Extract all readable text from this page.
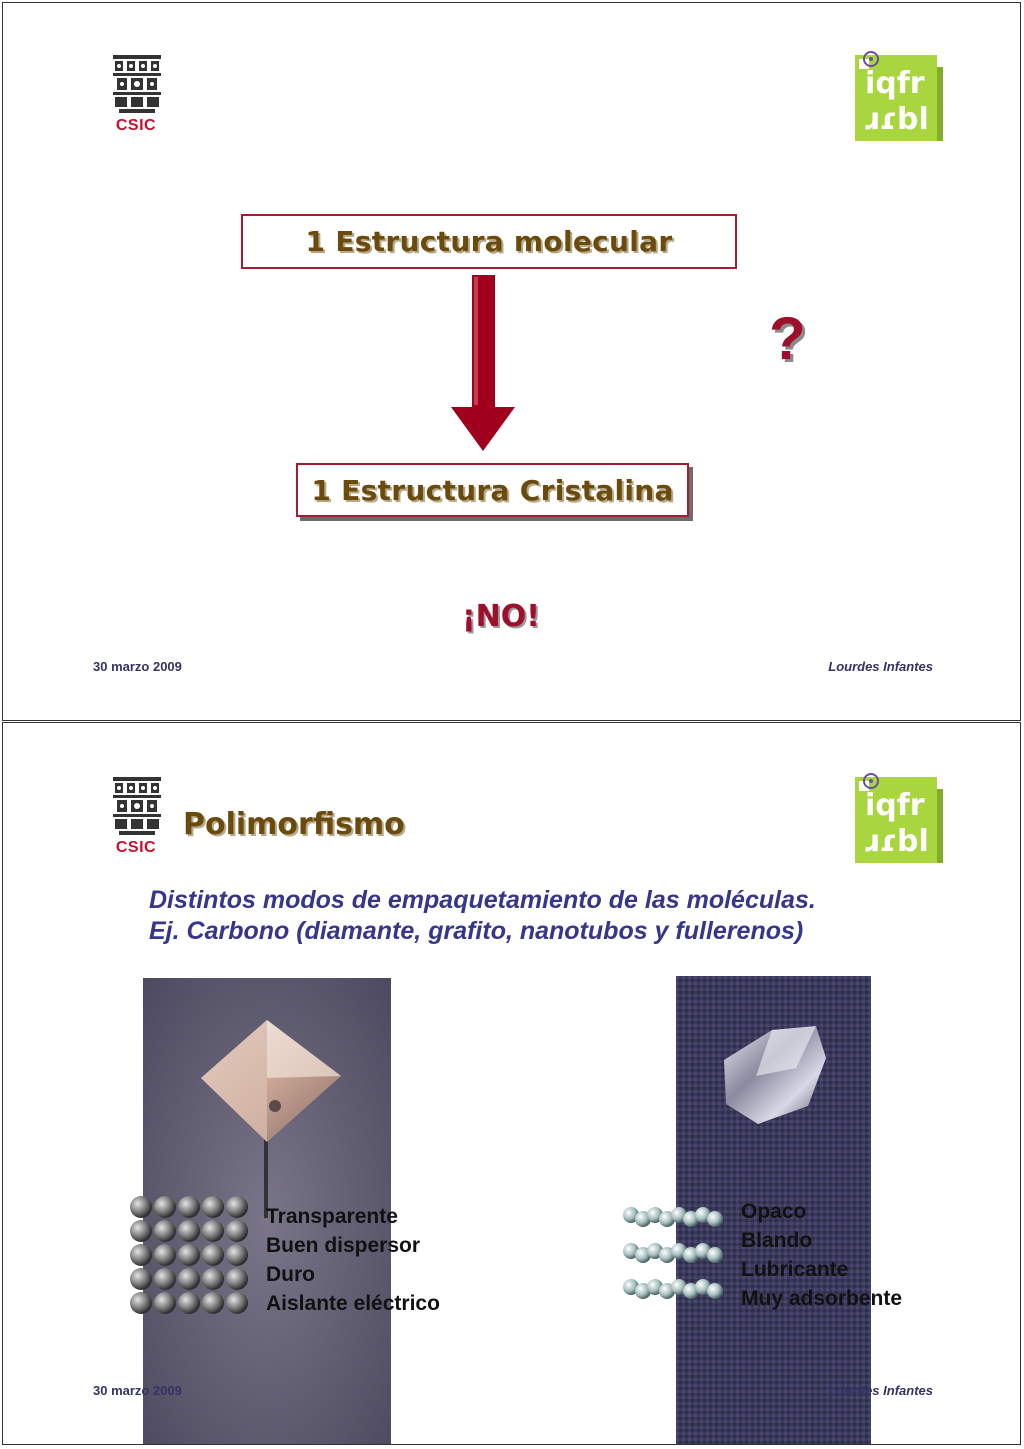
CSIC
iqfr
ɹɾbl
1 Estructura molecular
?
1 Estructura Cristalina
¡NO!
30 marzo 2009	Lourdes Infantes
CSIC
iqfr
ɹɾbl
Polimorfismo
Distintos modos de empaquetamiento de las moléculas.
Ej. Carbono (diamante, grafito, nanotubos y fullerenos)
Transparente
Buen dispersor
Duro
Aislante eléctrico
Opaco
Blando
Lubricante
Muy adsorbente
30 marzo 2009	Lourdes Infantes
